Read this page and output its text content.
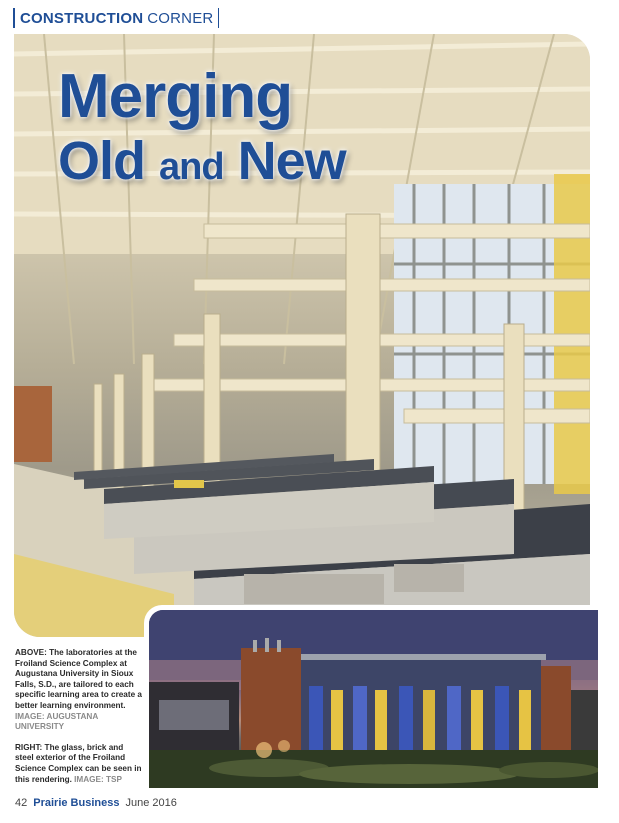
CONSTRUCTION CORNER
Merging
Old and New

ABOVE: The laboratories at the Froiland Science Complex at Augustana University in Sioux Falls, S.D., are tailored to each specific learning area to create a better learning environment. IMAGE: AUGUSTANA UNIVERSITY

RIGHT: The glass, brick and steel exterior of the Froiland Science Complex can be seen in this rendering. IMAGE: TSP

42 Prairie Business June 2016
